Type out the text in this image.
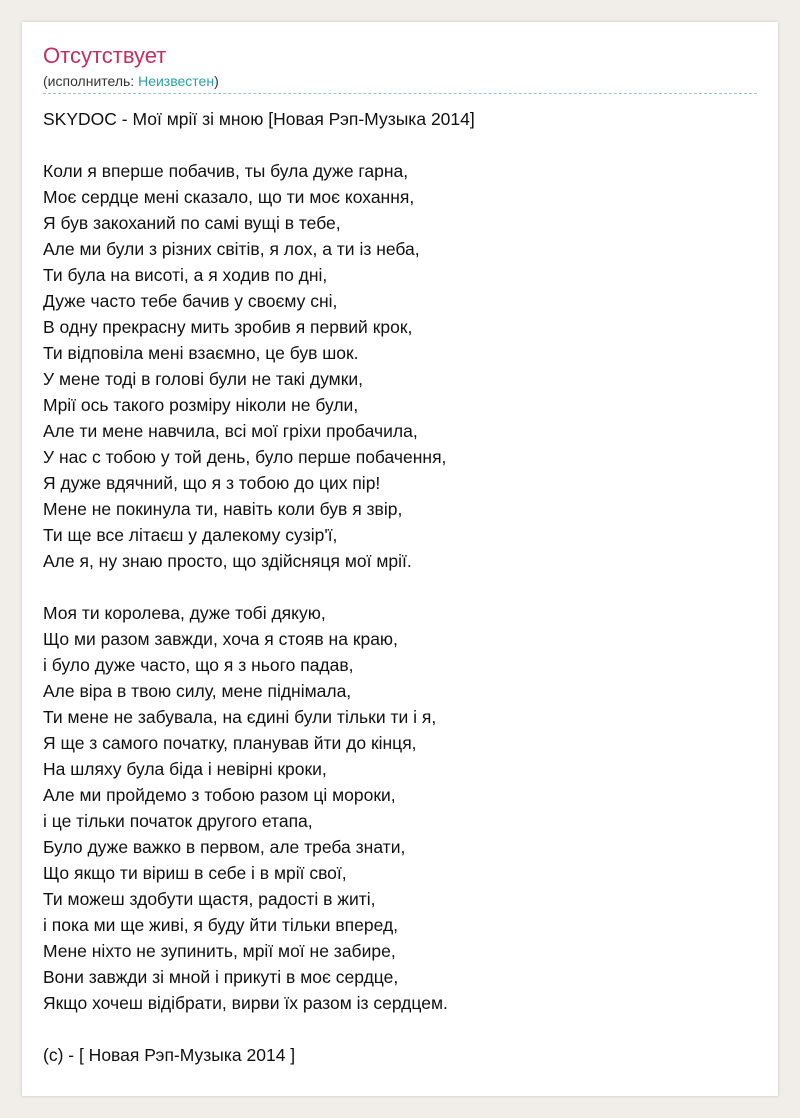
Отсутствует
(исполнитель: Неизвестен)
SKYDOC - Мої мрії зі мною [Новая Рэп-Музыка 2014]
Коли я вперше побачив, ты була дуже гарна,
Моє сердце мені сказало, що ти моє кохання,
Я був закоханий по самі вущі в тебе,
Але ми були з різних світів, я лох, а ти із неба,
Ти була на висоті, а я ходив по дні,
Дуже часто тебе бачив у своєму сні,
В одну прекрасну мить зробив я первий крок,
Ти відповіла мені взаємно, це був шок.
У мене тоді в голові були не такі думки,
Мрії ось такого розміру ніколи не були,
Але ти мене навчила, всі мої гріхи пробачила,
У нас с тобою у той день, було перше побачення,
Я дуже вдячний, що я з тобою до цих пір!
Мене не покинула ти, навіть коли був я звір,
Ти ще все літаєш у далекому сузір'ї,
Але я, ну знаю просто, що здійсняця мої мрії.
Моя ти королева, дуже тобі дякую,
Що ми разом завжди, хоча я стояв на краю,
і було дуже часто, що я з нього падав,
Але віра в твою силу, мене піднімала,
Ти мене не забувала, на єдині були тільки ти і я,
Я ще з самого початку, планував йти до кінця,
На шляху була біда і невірні кроки,
Але ми пройдемо з тобою разом ці мороки,
і це тільки початок другого етапа,
Було дуже важко в первом, але треба знати,
Що якщо ти віриш в себе і в мрії свої,
Ти можеш здобути щастя, радості в житі,
і пока ми ще живі, я буду йти тільки вперед,
Мене ніхто не зупинить, мрії мої не забире,
Вони завжди зі мной і прикуті в моє сердце,
Якщо хочеш відібрати, вирви їх разом із сердцем.
(c) - [ Новая Рэп-Музыка 2014 ]
